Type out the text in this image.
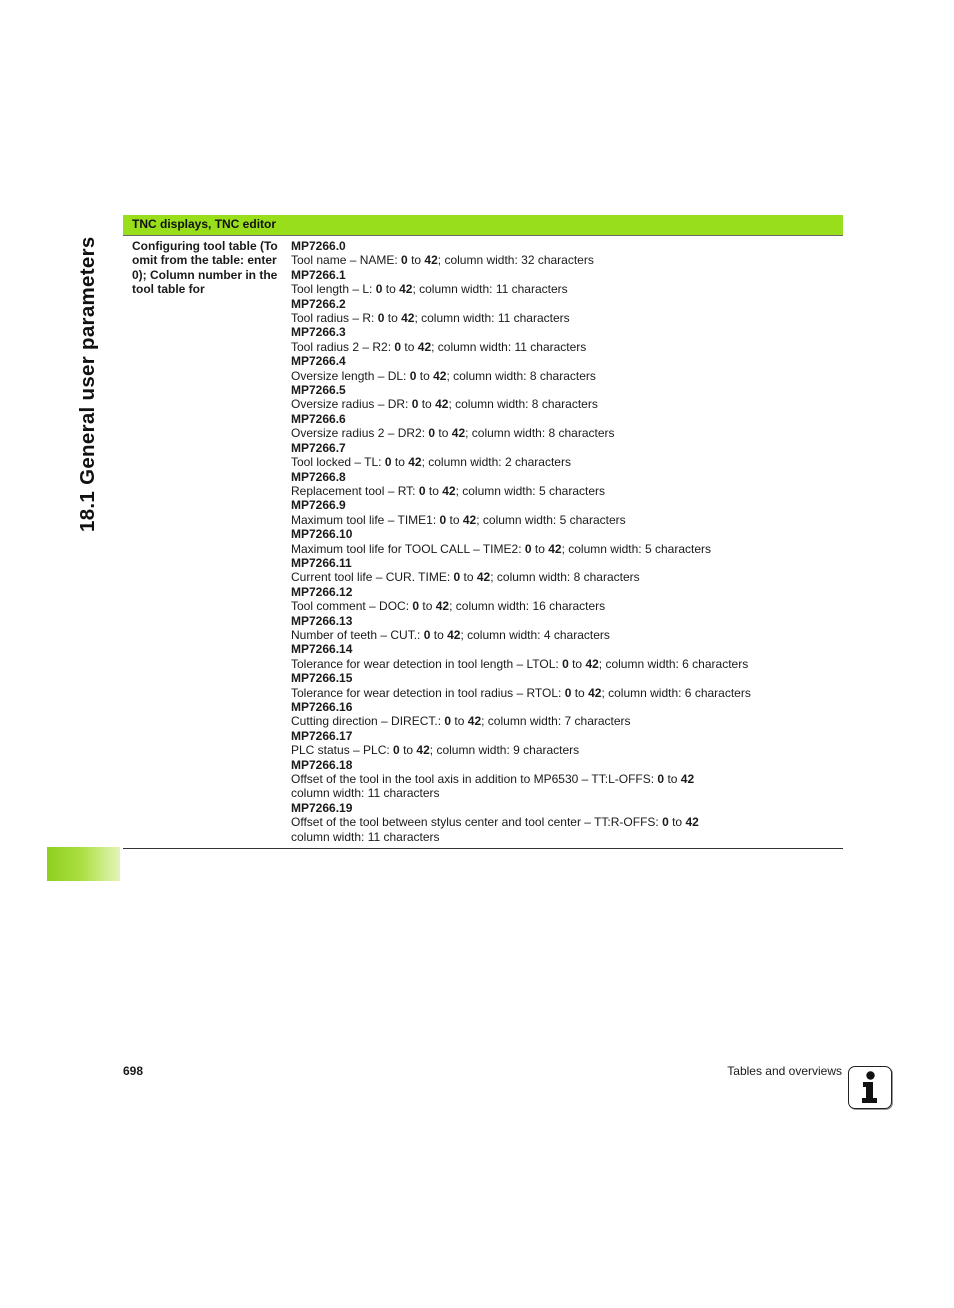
18.1 General user parameters
TNC displays, TNC editor
Configuring tool table (To omit from the table: enter 0); Column number in the tool table for
MP7266.0
Tool name – NAME: 0 to 42; column width: 32 characters
MP7266.1
Tool length – L: 0 to 42; column width: 11 characters
MP7266.2
Tool radius – R: 0 to 42; column width: 11 characters
MP7266.3
Tool radius 2 – R2: 0 to 42; column width: 11 characters
MP7266.4
Oversize length – DL: 0 to 42; column width: 8 characters
MP7266.5
Oversize radius – DR: 0 to 42; column width: 8 characters
MP7266.6
Oversize radius 2 – DR2: 0 to 42; column width: 8 characters
MP7266.7
Tool locked – TL: 0 to 42; column width: 2 characters
MP7266.8
Replacement tool – RT: 0 to 42; column width: 5 characters
MP7266.9
Maximum tool life – TIME1: 0 to 42; column width: 5 characters
MP7266.10
Maximum tool life for TOOL CALL – TIME2: 0 to 42; column width: 5 characters
MP7266.11
Current tool life – CUR. TIME: 0 to 42; column width: 8 characters
MP7266.12
Tool comment – DOC: 0 to 42; column width: 16 characters
MP7266.13
Number of teeth – CUT.: 0 to 42; column width: 4 characters
MP7266.14
Tolerance for wear detection in tool length – LTOL: 0 to 42; column width: 6 characters
MP7266.15
Tolerance for wear detection in tool radius – RTOL: 0 to 42; column width: 6 characters
MP7266.16
Cutting direction – DIRECT.: 0 to 42; column width: 7 characters
MP7266.17
PLC status – PLC: 0 to 42; column width: 9 characters
MP7266.18
Offset of the tool in the tool axis in addition to MP6530 – TT:L-OFFS: 0 to 42
column width: 11 characters
MP7266.19
Offset of the tool between stylus center and tool center – TT:R-OFFS: 0 to 42
column width: 11 characters
698	Tables and overviews
